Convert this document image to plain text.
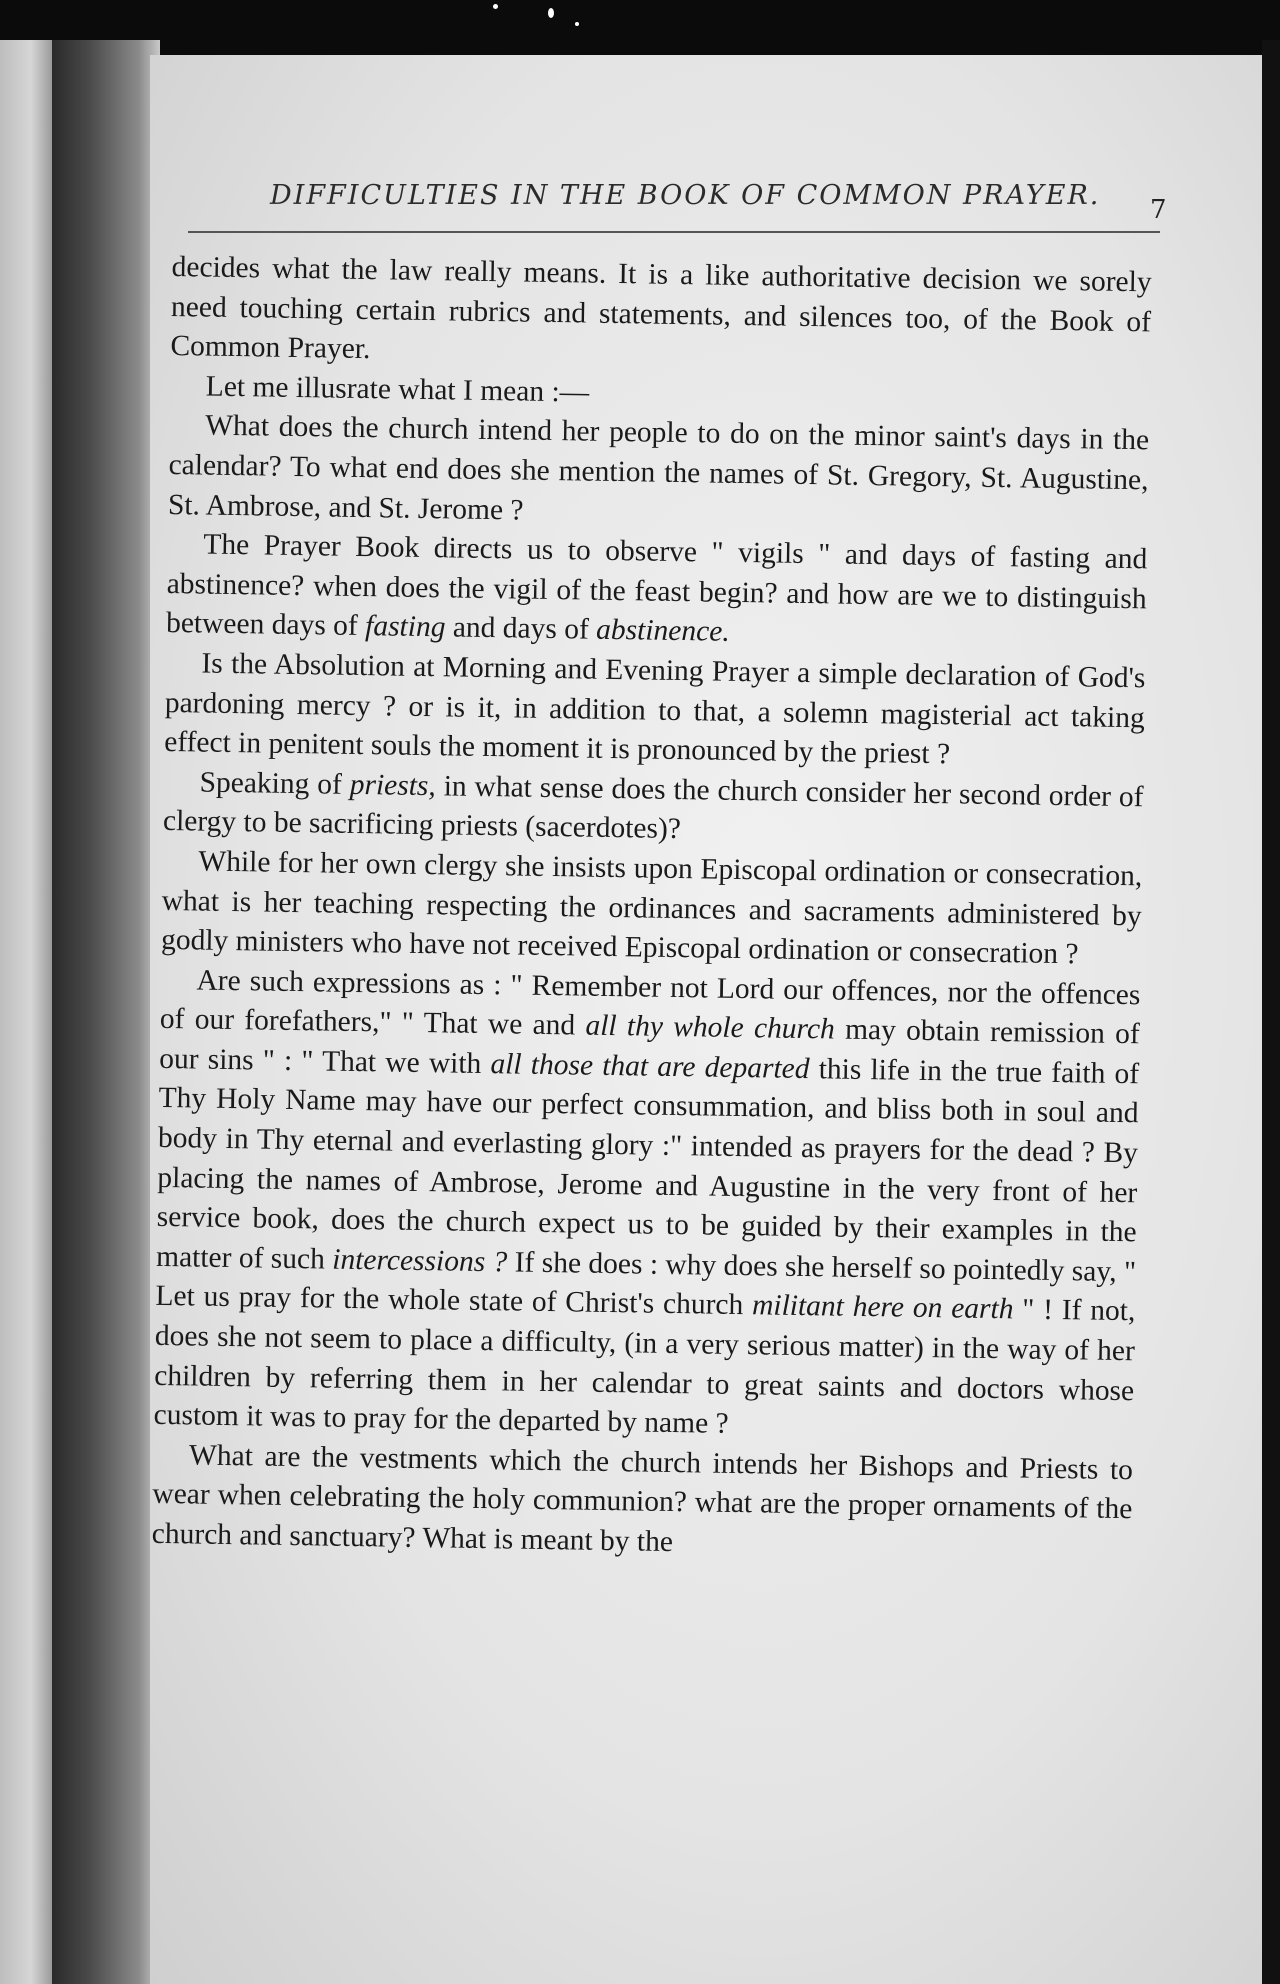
DIFFICULTIES IN THE BOOK OF COMMON PRAYER. 7

decides what the law really means. It is a like authoritative decision we sorely need touching certain rubrics and statements, and silences too, of the Book of Common Prayer.

Let me illusrate what I mean :—

What does the church intend her people to do on the minor saint's days in the calendar? To what end does she mention the names of St. Gregory, St. Augustine, St. Ambrose, and St. Jerome ?

The Prayer Book directs us to observe " vigils " and days of fasting and abstinence? when does the vigil of the feast begin? and how are we to distinguish between days of fasting and days of abstinence.

Is the Absolution at Morning and Evening Prayer a simple declaration of God's pardoning mercy ? or is it, in addition to that, a solemn magisterial act taking effect in penitent souls the moment it is pronounced by the priest ?

Speaking of priests, in what sense does the church consider her second order of clergy to be sacrificing priests (sacerdotes)?

While for her own clergy she insists upon Episcopal ordination or consecration, what is her teaching respecting the ordinances and sacraments administered by godly ministers who have not received Episcopal ordination or consecration ?

Are such expressions as : " Remember not Lord our offences, nor the offences of our forefathers," " That we and all thy whole church may obtain remission of our sins " : " That we with all those that are departed this life in the true faith of Thy Holy Name may have our perfect consummation, and bliss both in soul and body in Thy eternal and everlasting glory :" intended as prayers for the dead ? By placing the names of Ambrose, Jerome and Augustine in the very front of her service book, does the church expect us to be guided by their examples in the matter of such intercessions ? If she does : why does she herself so pointedly say, " Let us pray for the whole state of Christ's church militant here on earth " ! If not, does she not seem to place a difficulty, (in a very serious matter) in the way of her children by referring them in her calendar to great saints and doctors whose custom it was to pray for the departed by name ?

What are the vestments which the church intends her Bishops and Priests to wear when celebrating the holy communion? what are the proper ornaments of the church and sanctuary? What is meant by the
